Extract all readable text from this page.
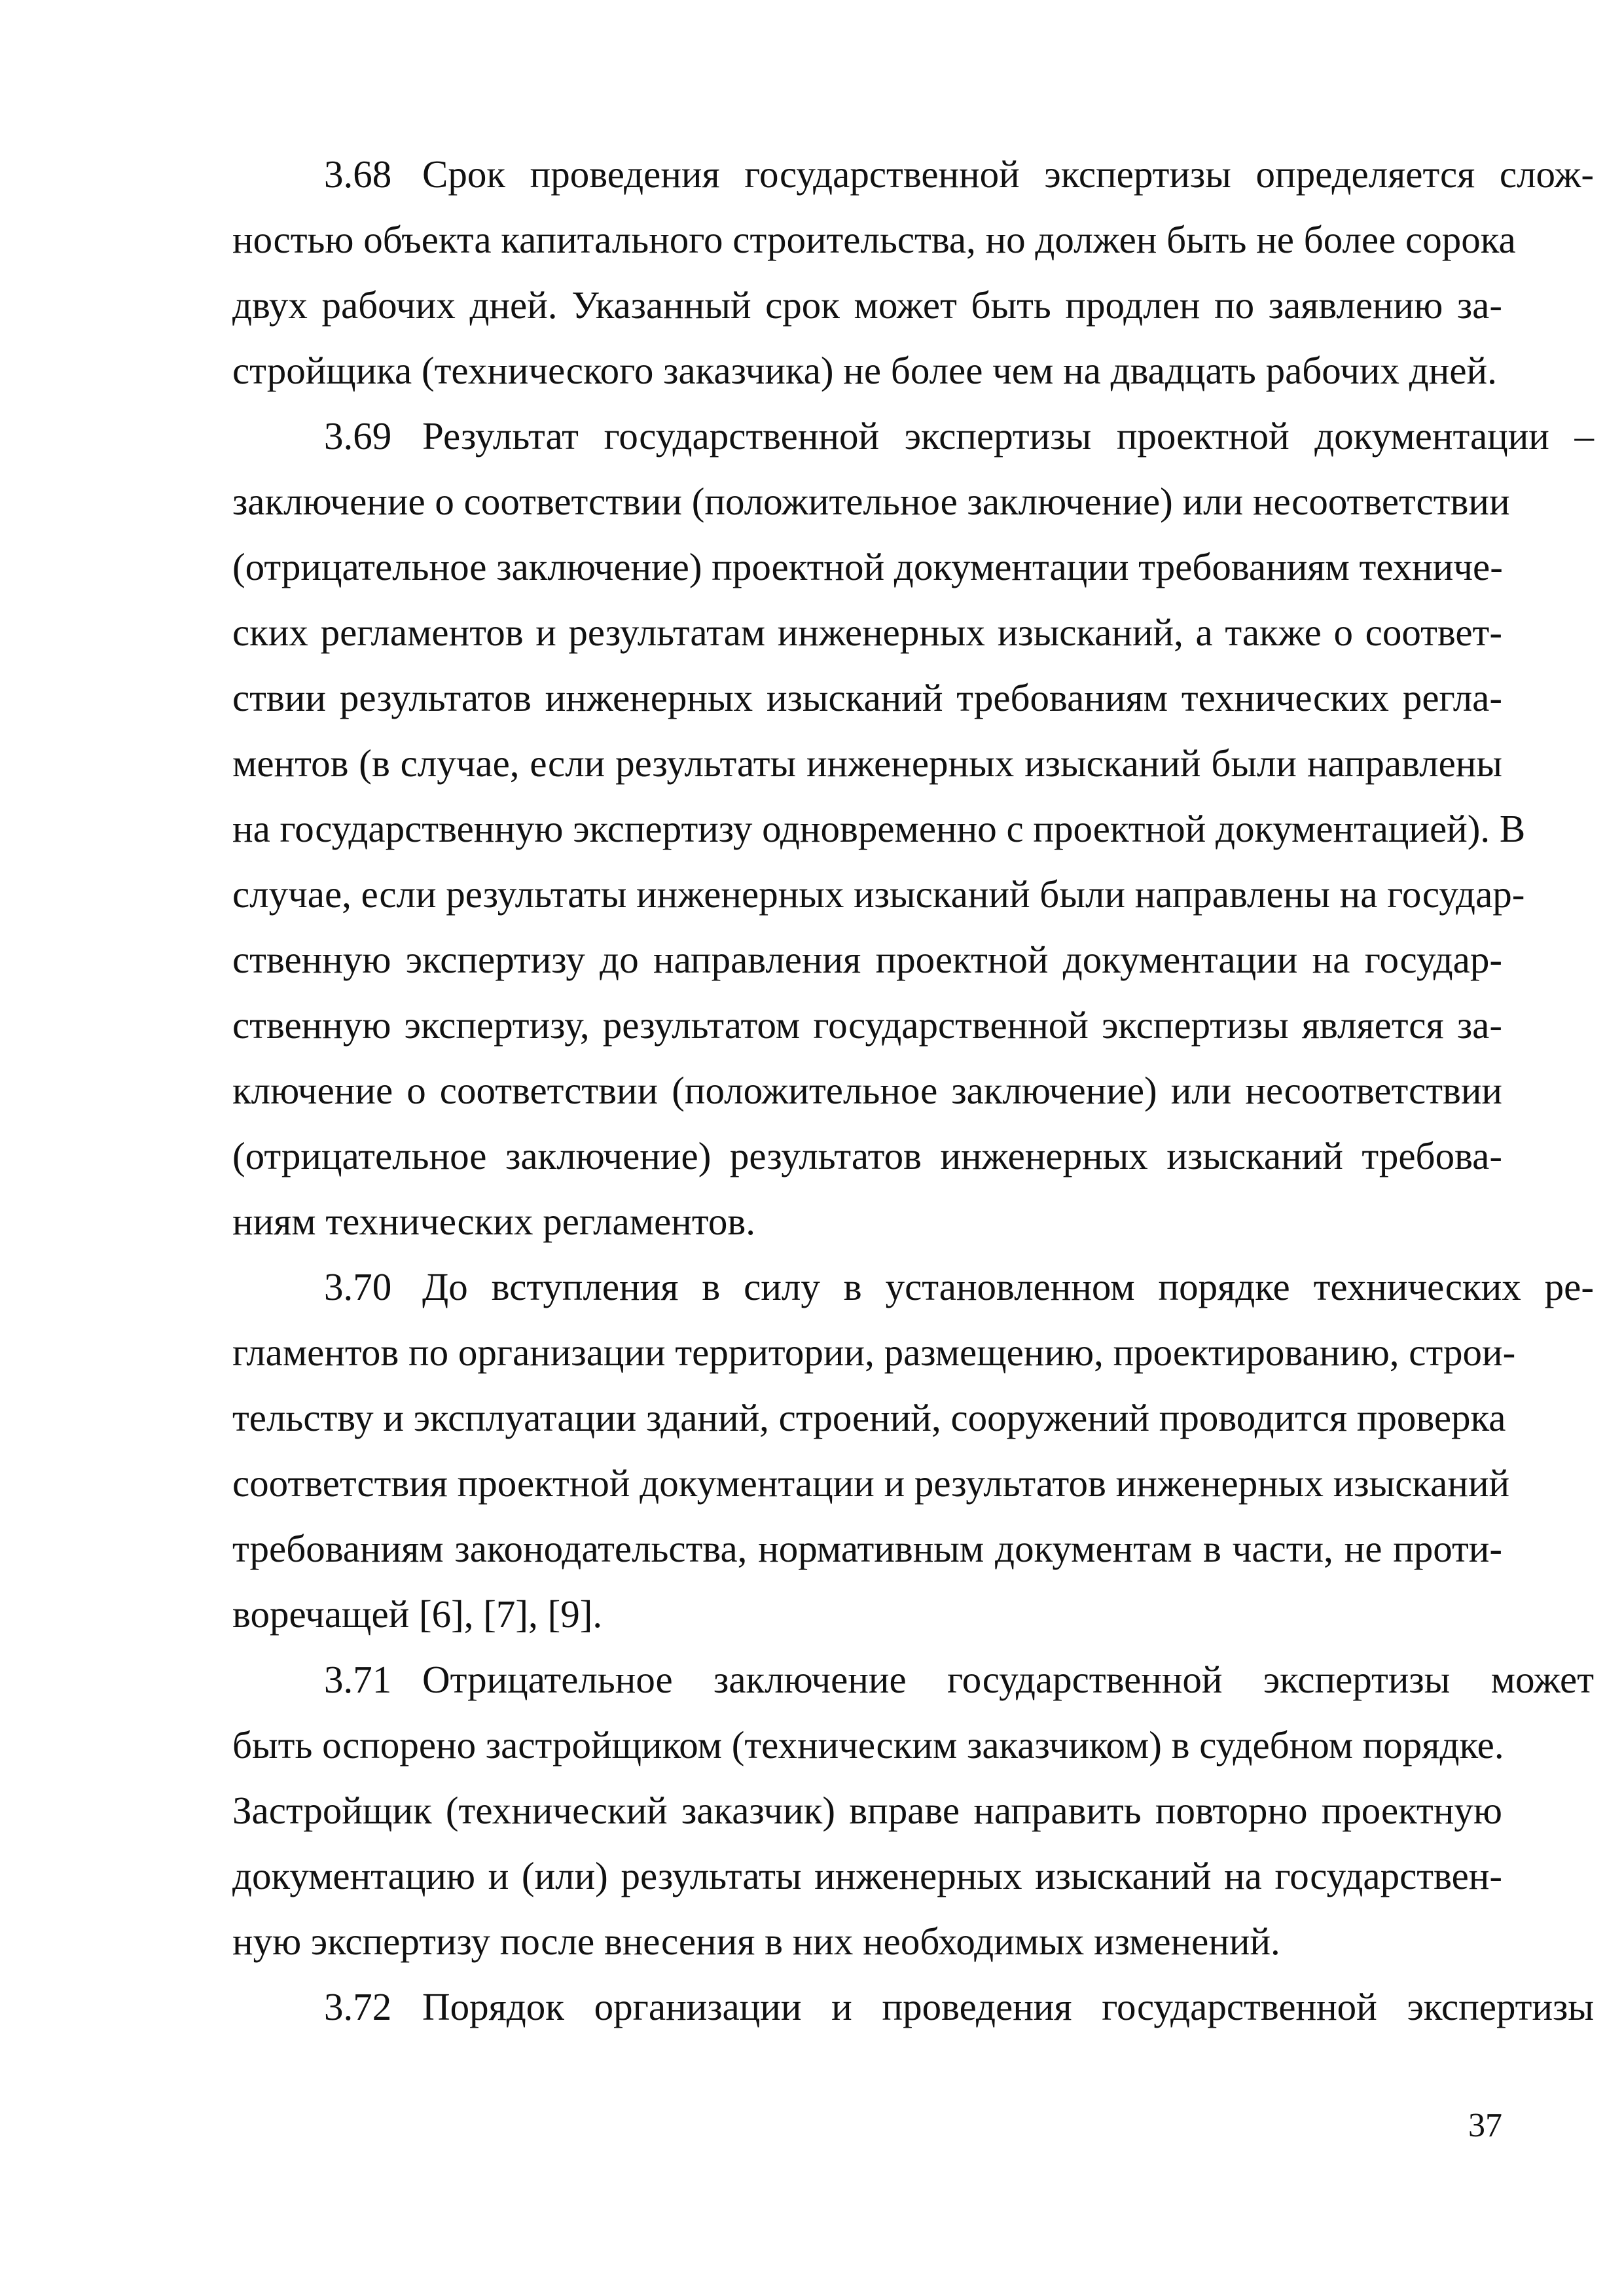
3.68 Срок проведения государственной экспертизы определяется слож-
ностью объекта капитального строительства, но должен быть не более сорока
двух рабочих дней. Указанный срок может быть продлен по заявлению за-
стройщика (технического заказчика) не более чем на двадцать рабочих дней.
3.69 Результат государственной экспертизы проектной документации –
заключение о соответствии (положительное заключение) или несоответствии
(отрицательное заключение) проектной документации требованиям техниче-
ских регламентов и результатам инженерных изысканий, а также о соответ-
ствии результатов инженерных изысканий требованиям технических регла-
ментов (в случае, если результаты инженерных изысканий были направлены
на государственную экспертизу одновременно с проектной документацией). В
случае, если результаты инженерных изысканий были направлены на государ-
ственную экспертизу до направления проектной документации на государ-
ственную экспертизу, результатом государственной экспертизы является за-
ключение о соответствии (положительное заключение) или несоответствии
(отрицательное заключение) результатов инженерных изысканий требова-
ниям технических регламентов.
3.70 До вступления в силу в установленном порядке технических ре-
гламентов по организации территории, размещению, проектированию, строи-
тельству и эксплуатации зданий, строений, сооружений проводится проверка
соответствия проектной документации и результатов инженерных изысканий
требованиям законодательства, нормативным документам в части, не проти-
воречащей [6], [7], [9].
3.71 Отрицательное заключение государственной экспертизы может
быть оспорено застройщиком (техническим заказчиком) в судебном порядке.
Застройщик (технический заказчик) вправе направить повторно проектную
документацию и (или) результаты инженерных изысканий на государствен-
ную экспертизу после внесения в них необходимых изменений.
3.72 Порядок организации и проведения государственной экспертизы
37
